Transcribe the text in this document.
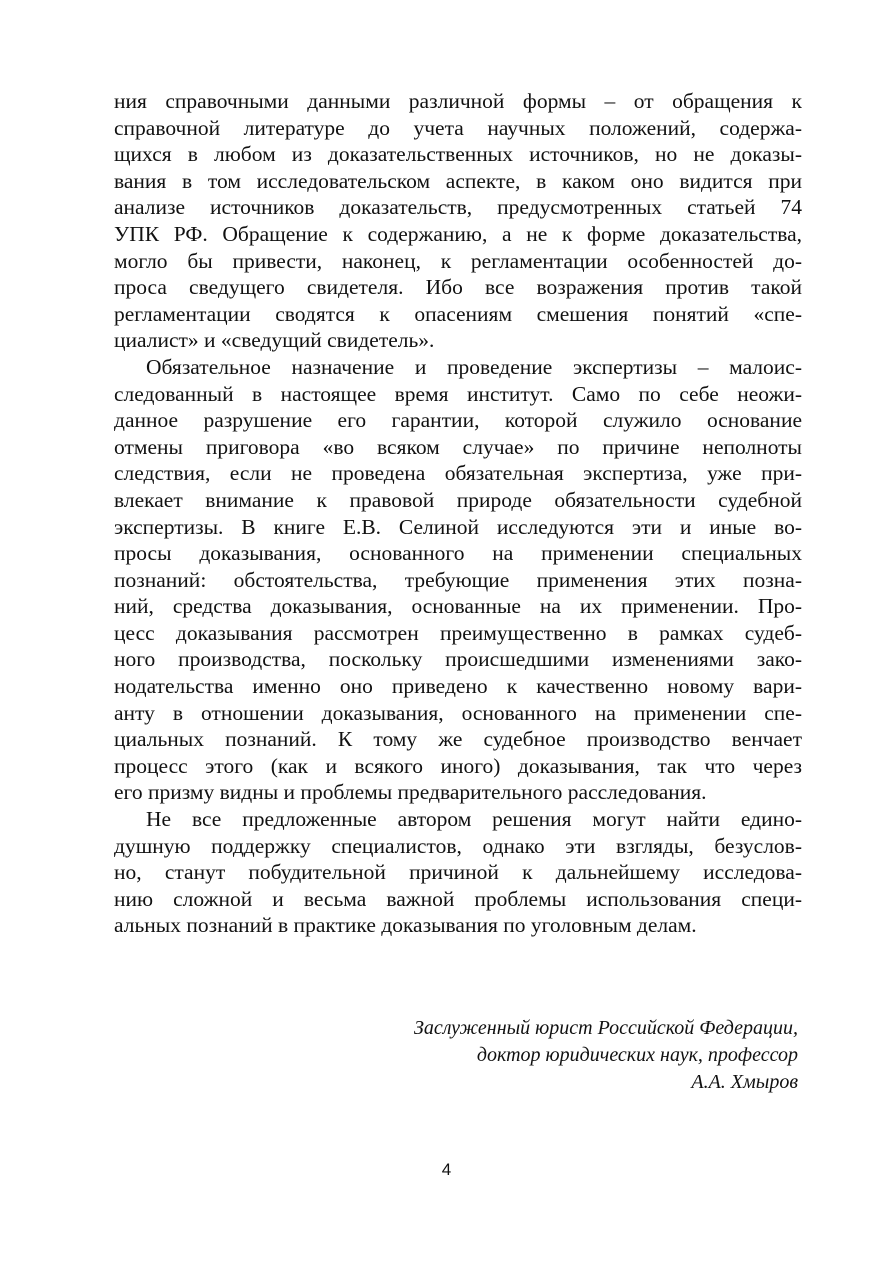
ния справочными данными различной формы – от обращения к
справочной литературе до учета научных положений, содержа-
щихся в любом из доказательственных источников, но не доказы-
вания в том исследовательском аспекте, в каком оно видится при
анализе источников доказательств, предусмотренных статьей 74
УПК РФ. Обращение к содержанию, а не к форме доказательства,
могло бы привести, наконец, к регламентации особенностей до-
проса сведущего свидетеля. Ибо все возражения против такой
регламентации сводятся к опасениям смешения понятий «спе-
циалист» и «сведущий свидетель».
Обязательное назначение и проведение экспертизы – малоис-
следованный в настоящее время институт. Само по себе неожи-
данное разрушение его гарантии, которой служило основание
отмены приговора «во всяком случае» по причине неполноты
следствия, если не проведена обязательная экспертиза, уже при-
влекает внимание к правовой природе обязательности судебной
экспертизы. В книге Е.В. Селиной исследуются эти и иные во-
просы доказывания, основанного на применении специальных
познаний: обстоятельства, требующие применения этих позна-
ний, средства доказывания, основанные на их применении. Про-
цесс доказывания рассмотрен преимущественно в рамках судеб-
ного производства, поскольку происшедшими изменениями зако-
нодательства именно оно приведено к качественно новому вари-
анту в отношении доказывания, основанного на применении спе-
циальных познаний. К тому же судебное производство венчает
процесс этого (как и всякого иного) доказывания, так что через
его призму видны и проблемы предварительного расследования.
Не все предложенные автором решения могут найти едино-
душную поддержку специалистов, однако эти взгляды, безуслов-
но, станут побудительной причиной к дальнейшему исследова-
нию сложной и весьма важной проблемы использования специ-
альных познаний в практике доказывания по уголовным делам.
Заслуженный юрист Российской Федерации,
доктор юридических наук, профессор
А.А. Хмыров
4
